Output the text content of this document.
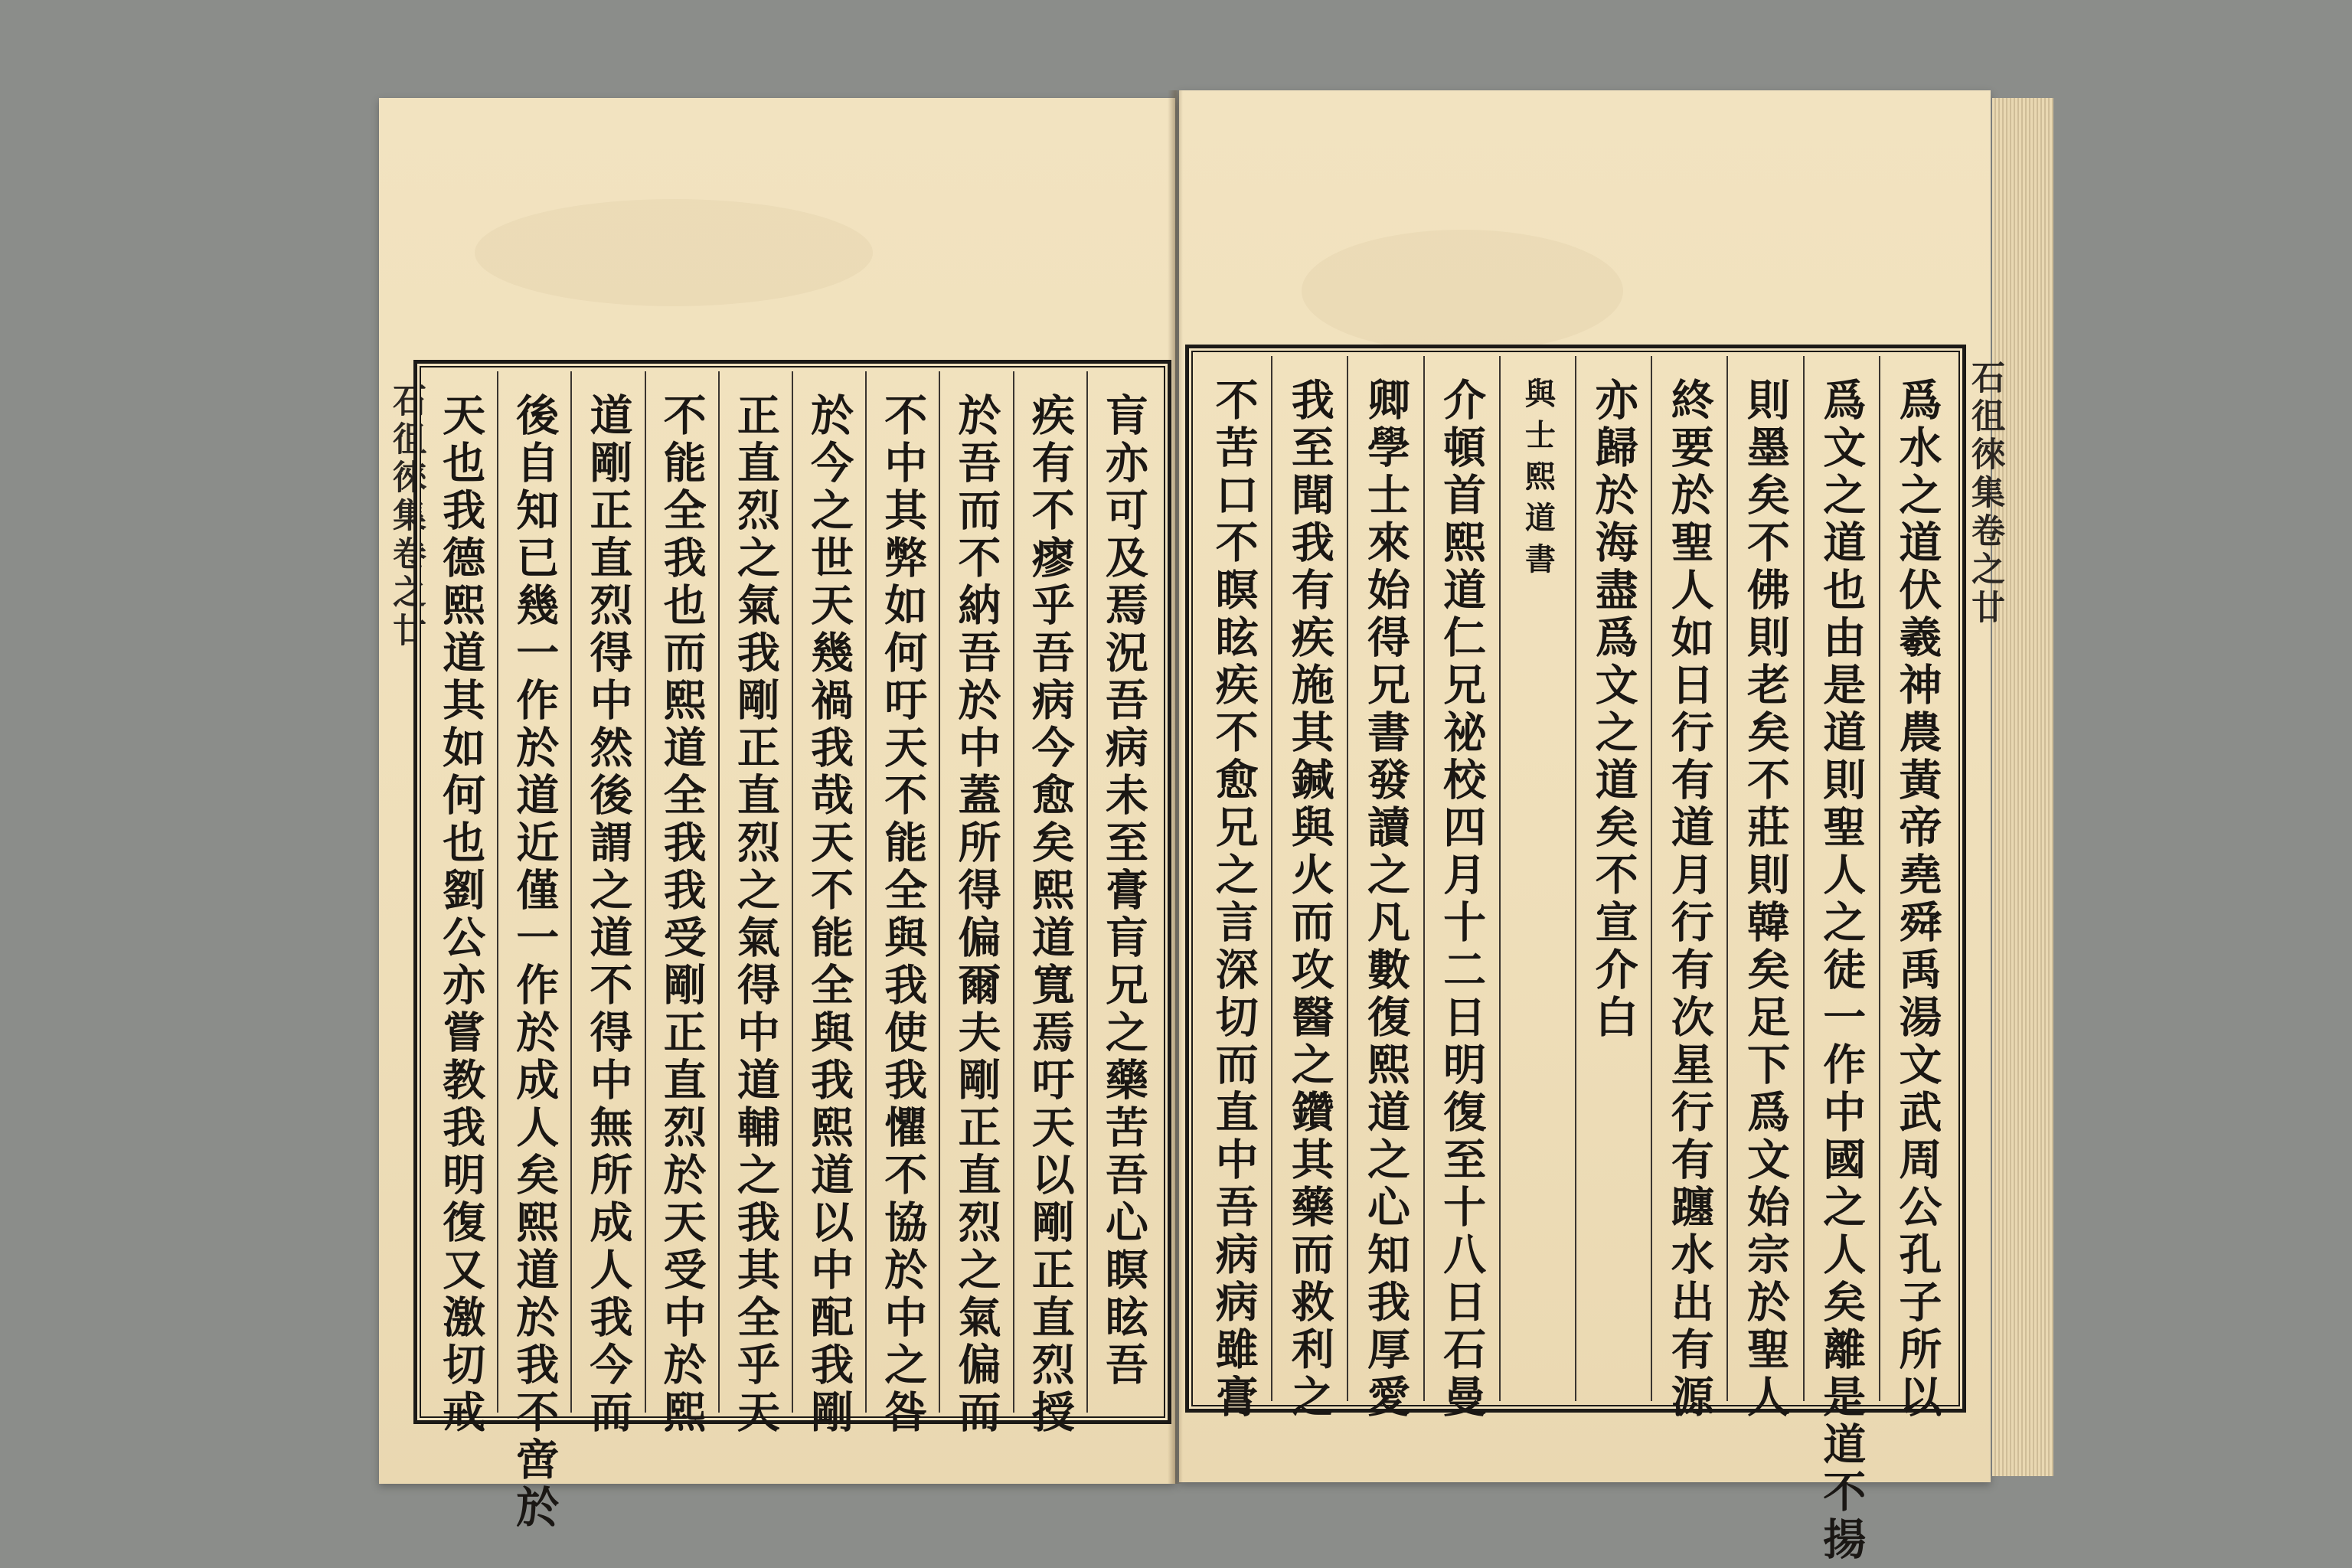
石徂徠集卷之廿	石徂徠集卷之廿
肓亦可及焉況吾病未至膏肓兄之藥苦吾心瞑眩吾
疾有不瘳乎吾病今愈矣熙道寬焉吁天以剛正直烈授
於吾而不納吾於中蓋所得偏爾夫剛正直烈之氣偏而
不中其弊如何吁天不能全與我使我懼不協於中之咎
於今之世天幾禍我哉天不能全與我熙道以中配我剛
正直烈之氣我剛正直烈之氣得中道輔之我其全乎天
不能全我也而熙道全我我受剛正直烈於天受中於熙
道剛正直烈得中然後謂之道不得中無所成人我今而
後自知已幾一作於道近僅一作於成人矣熙道於我不啻於
天也我德熙道其如何也劉公亦嘗教我明復又激切戒	爲水之道伏羲神農黃帝堯舜禹湯文武周公孔子所以
爲文之道也由是道則聖人之徒一作中國之人矣離是道不揚
則墨矣不佛則老矣不莊則韓矣足下爲文始宗於聖人
終要於聖人如日行有道月行有次星行有躔水出有源
亦歸於海盡爲文之道矣不宣介白
與士熙道書
介頓首熙道仁兄祕校四月十二日明復至十八日石曼
卿學士來始得兄書發讀之凡數復熙道之心知我厚愛
我至聞我有疾施其鍼與火而攻醫之鑽其藥而救利之
不苦口不瞑眩疾不愈兄之言深切而直中吾病病雖膏
